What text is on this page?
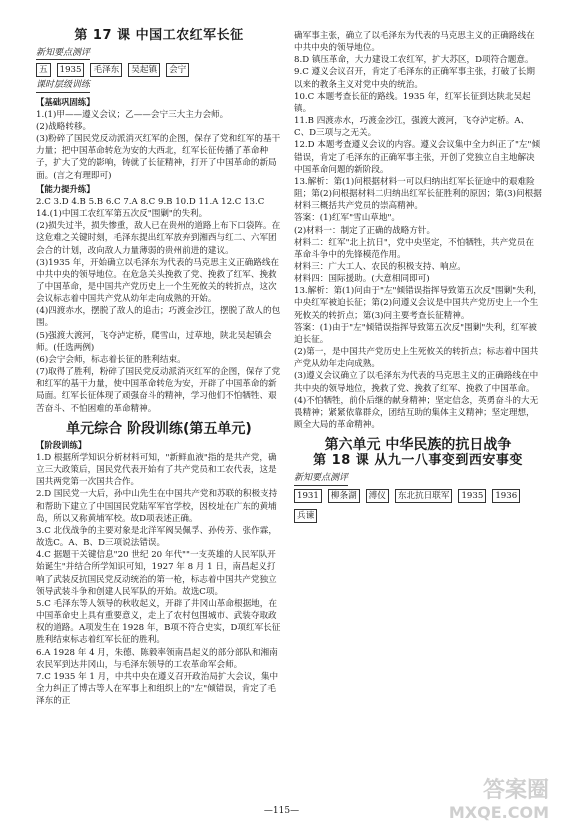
第 17 课 中国工农红军长征
新知要点测评
五	1935	毛泽东	吴起镇	会宁
课时层级训练
【基础巩固练】

1.(1)甲——遵义会议；乙——会宁三大主力会师。

(2)战略转移。

(3)粉碎了国民党反动派消灭红军的企图，保存了党和红军的基干力量；把中国革命转危为安的大西北，红军长征传播了革命种子，扩大了党的影响，铸就了长征精神，打开了中国革命的新局面。(言之有理即可)

【能力提升练】

2.C 3.D 4.B 5.B 6.C 7.A 8.C 9.B 10.D 11.A 12.C 13.C

14.(1)中国工农红军第五次反"围剿"的失利。

(2)损失过半，损失惨重，敌人已在贵州的道路上布下口袋阵。在这危难之关键时刻，毛泽东提出红军放弃到湘西与红二、六军团会合的计划，改向敌人力量薄弱的贵州前进的建议。

(3)1935 年，开始确立以毛泽东为代表的马克思主义正确路线在中共中央的领导地位。在危急关头挽救了党、挽救了红军、挽救了中国革命，是中国共产党历史上一个生死攸关的转折点，这次会议标志着中国共产党从幼年走向成熟的开始。

(4)四渡赤水，摆脱了敌人的追击；巧渡金沙江，摆脱了敌人的包围。

(5)强渡大渡河，飞夺泸定桥，爬雪山，过草地，陕北吴起镇会师。(任选两例)

(6)会宁会师，标志着长征的胜利结束。

(7)取得了胜利，粉碎了国民党反动派消灭红军的企图，保存了党和红军的基干力量，使中国革命转危为安，开辟了中国革命的新局面。红军长征体现了顽强奋斗的精神，学习他们不怕牺牲、艰苦奋斗、不怕困难的革命精神。

单元综合 阶段训练(第五单元)
【阶段训练】

1.D 根据所学知识分析材料可知，"新鲜血液"指的是共产党，确立三大政策后，国民党代表开始有了共产党员和工农代表，这是国共两党第一次国共合作。

2.D 国民党一大后，孙中山先生在中国共产党和苏联的积极支持和帮助下建立了中国国民党陆军军官学校，因校址在广东的黄埔岛，所以又称黄埔军校。故D项表述正确。

3.C 北伐战争的主要对象是北洋军阀吴佩孚、孙传芳、张作霖，故选C。A、B、D三项说法错误。

4.C 据题干关键信息"20 世纪 20 年代""一支英雄的人民军队开始诞生"并结合所学知识可知，1927 年 8 月 1 日，南昌起义打响了武装反抗国民党反动统治的第一枪，标志着中国共产党独立领导武装斗争和创建人民军队的开始。故选C项。

5.C 毛泽东等人领导的秋收起义，开辟了井冈山革命根据地，在中国革命史上具有重要意义，走上了农村包围城市、武装夺取政权的道路。A项发生在 1928 年，B项不符合史实，D项红军长征胜利结束标志着红军长征的胜利。

6.A 1928 年 4 月，朱德、陈毅率领南昌起义的部分部队和湘南农民军到达井冈山，与毛泽东领导的工农革命军会师。

7.C 1935 年 1 月，中共中央在遵义召开政治局扩大会议，集中全力纠正了博古等人在军事上和组织上的"左"倾错误，肯定了毛泽东的正

确军事主张，确立了以毛泽东为代表的马克思主义的正确路线在中共中央的领导地位。

8.D 镇压革命，大力建设工农红军，扩大苏区，D项符合题意。

9.C 遵义会议召开，肯定了毛泽东的正确军事主张，打破了长期以来的教条主义对党中央的统治。

10.C 本题考查长征的路线。1935 年，红军长征到达陕北吴起镇。

11.B 四渡赤水，巧渡金沙江，强渡大渡河，飞夺泸定桥。A、C、D三项与之无关。

12.D 本题考查遵义会议的内容。遵义会议集中全力纠正了"左"倾错误，肯定了毛泽东的正确军事主张，开创了党独立自主地解决中国革命问题的新阶段。

13.解析：第(1)问根据材料一可以归纳出红军长征途中的艰难险阻；第(2)问根据材料二归纳出红军长征胜利的原因；第(3)问根据材料三概括共产党员的崇高精神。

答案：(1)红军"雪山草地"。

(2)材料一：制定了正确的战略方针。

材料二：红军"北上抗日"，党中央坚定，不怕牺牲，共产党员在革命斗争中的先锋模范作用。

材料三：广大工人、农民的积极支持、响应。

材料四：国际援助。(大意相同即可)

13.解析：第(1)问由于"左"倾错误指挥导致第五次反"围剿"失利，中央红军被迫长征；第(2)问遵义会议是中国共产党历史上一个生死攸关的转折点；第(3)问主要考查长征精神。

答案：(1)由于"左"倾错误指挥导致第五次反"围剿"失利，红军被迫长征。

(2)第一，是中国共产党历史上生死攸关的转折点；标志着中国共产党从幼年走向成熟。

(3)遵义会议确立了以毛泽东为代表的马克思主义的正确路线在中共中央的领导地位，挽救了党、挽救了红军、挽救了中国革命。

(4)不怕牺牲，前仆后继的献身精神；坚定信念，英勇奋斗的大无畏精神；紧紧依靠群众，团结互助的集体主义精神；坚定理想，顾全大局的革命精神。

第六单元 中华民族的抗日战争
第 18 课 从九一八事变到西安事变
新知要点测评
1931	柳条湖	溥仪	东北抗日联军	1935	1936
兵谏
—115—
答案圈
MXQE.COM
